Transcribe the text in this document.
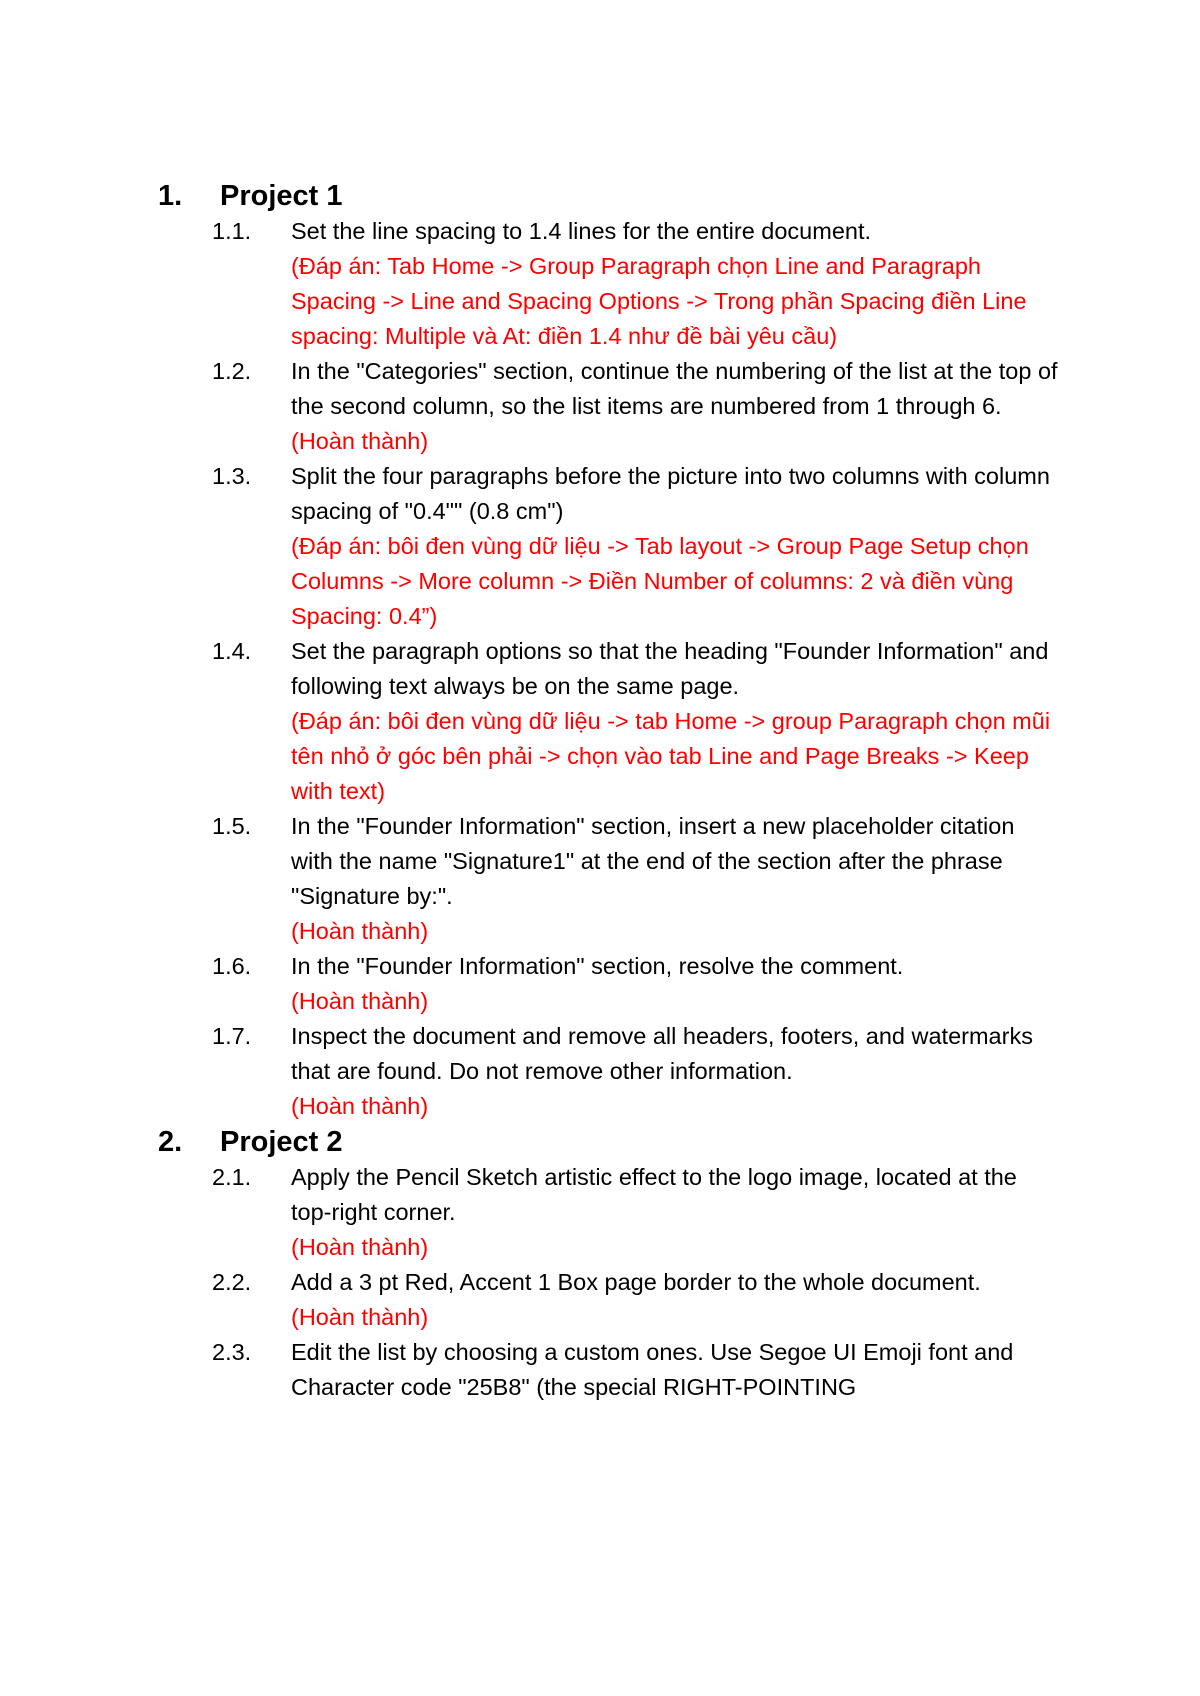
1.	Project 1
1.1.	Set the line spacing to 1.4 lines for the entire document.
(Đáp án: Tab Home -> Group Paragraph chọn Line and Paragraph Spacing -> Line and Spacing Options -> Trong phần Spacing điền Line spacing: Multiple và At: điền 1.4 như đề bài yêu cầu)
1.2.	In the "Categories" section, continue the numbering of the list at the top of the second column, so the list items are numbered from 1 through 6.
(Hoàn thành)
1.3.	Split the four paragraphs before the picture into two columns with column spacing of "0.4"" (0.8 cm")
(Đáp án: bôi đen vùng dữ liệu -> Tab layout -> Group Page Setup chọn Columns -> More column -> Điền Number of columns: 2 và điền vùng Spacing: 0.4”)
1.4.	Set the paragraph options so that the heading "Founder Information" and following text always be on the same page.
(Đáp án: bôi đen vùng dữ liệu -> tab Home -> group Paragraph chọn mũi tên nhỏ ở góc bên phải -> chọn vào tab Line and Page Breaks -> Keep with text)
1.5.	In the "Founder Information" section, insert a new placeholder citation with the name "Signature1" at the end of the section after the phrase "Signature by:".
(Hoàn thành)
1.6.	In the "Founder Information" section, resolve the comment.
(Hoàn thành)
1.7.	Inspect the document and remove all headers, footers, and watermarks that are found. Do not remove other information.
(Hoàn thành)
2.	Project 2
2.1.	Apply the Pencil Sketch artistic effect to the logo image, located at the top-right corner.
(Hoàn thành)
2.2.	Add a 3 pt Red, Accent 1 Box page border to the whole document.
(Hoàn thành)
2.3.	Edit the list by choosing a custom ones. Use Segoe UI Emoji font and Character code "25B8" (the special RIGHT-POINTING
